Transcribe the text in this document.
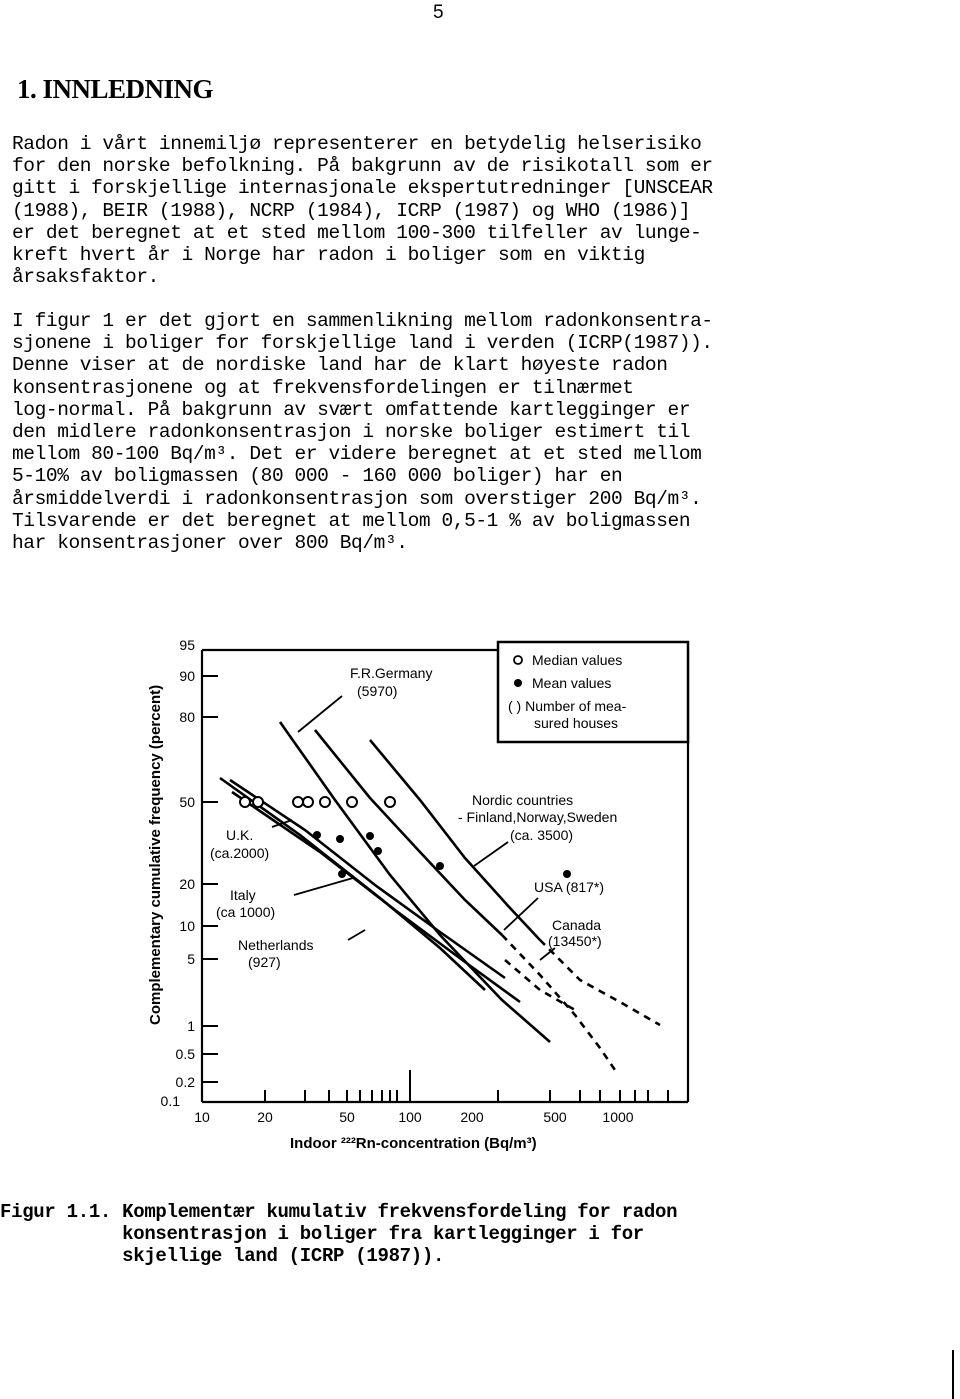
5
1. INNLEDNING

Radon i vårt innemiljø representerer en betydelig helserisiko
for den norske befolkning. På bakgrunn av de risikotall som er
gitt i forskjellige internasjonale ekspertutredninger [UNSCEAR
(1988), BEIR (1988), NCRP (1984), ICRP (1987) og WHO (1986)]
er det beregnet at et sted mellom 100-300 tilfeller av lunge-
kreft hvert år i Norge har radon i boliger som en viktig
årsaksfaktor.

I figur 1 er det gjort en sammenlikning mellom radonkonsentra-
sjonene i boliger for forskjellige land i verden (ICRP(1987)).
Denne viser at de nordiske land har de klart høyeste radon
konsentrasjonene og at frekvensfordelingen er tilnærmet
log-normal. På bakgrunn av svært omfattende kartlegginger er
den midlere radonkonsentrasjon i norske boliger estimert til
mellom 80-100 Bq/m³. Det er videre beregnet at et sted mellom
5-10% av boligmassen (80 000 - 160 000 boliger) har en
årsmiddelverdi i radonkonsentrasjon som overstiger 200 Bq/m³.
Tilsvarende er det beregnet at mellom 0,5-1 % av boligmassen
har konsentrasjoner over 800 Bq/m³.

Complementary cumulative frequency (percent)
95
90
80
50
20
10
5
1
0.5
0.2
0.1
10	20	50	100	200	500	1000
Indoor ²²²Rn-concentration (Bq/m³)
Median values
Mean values
( ) Number of mea-
sured houses
F.R.Germany
(5970)
U.K.
(ca.2000)
Italy
(ca 1000)
Netherlands
(927)
Nordic countries
- Finland,Norway,Sweden
(ca. 3500)
USA (817*)
Canada
(13450*)

Figur 1.1. Komplementær kumulativ frekvensfordeling for radon
konsentrasjon i boliger fra kartlegginger i for
skjellige land (ICRP (1987)).
